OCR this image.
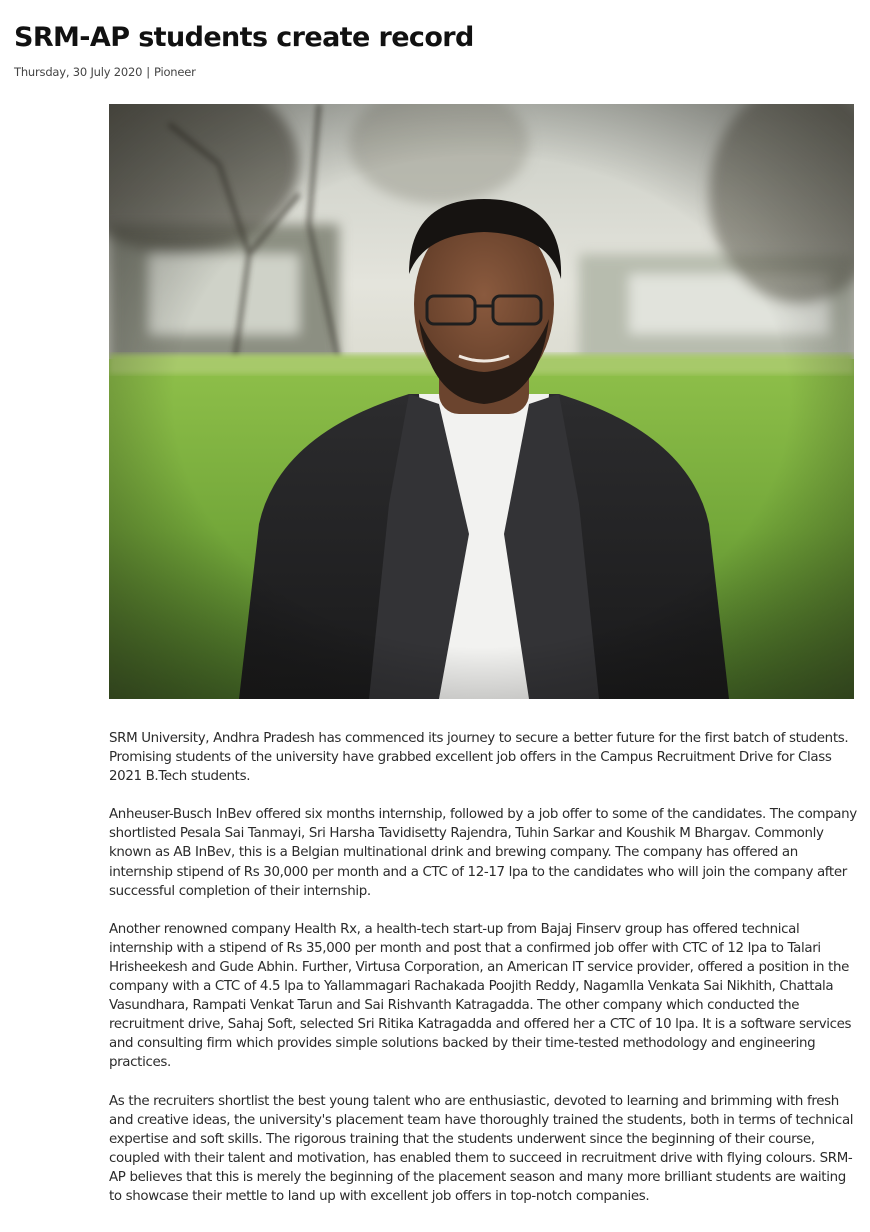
SRM-AP students create record
Thursday, 30 July 2020 | Pioneer

SRM University, Andhra Pradesh has commenced its journey to secure a better future for the first batch of students. Promising students of the university have grabbed excellent job offers in the Campus Recruitment Drive for Class 2021 B.Tech students.

Anheuser-Busch InBev offered six months internship, followed by a job offer to some of the candidates. The company shortlisted Pesala Sai Tanmayi, Sri Harsha Tavidisetty Rajendra, Tuhin Sarkar and Koushik M Bhargav. Commonly known as AB InBev, this is a Belgian multinational drink and brewing company. The company has offered an internship stipend of Rs 30,000 per month and a CTC of 12-17 lpa to the candidates who will join the company after successful completion of their internship.

Another renowned company Health Rx, a health-tech start-up from Bajaj Finserv group has offered technical internship with a stipend of Rs 35,000 per month and post that a confirmed job offer with CTC of 12 lpa to Talari Hrisheekesh and Gude Abhin. Further, Virtusa Corporation, an American IT service provider, offered a position in the company with a CTC of 4.5 lpa to Yallammagari Rachakada Poojith Reddy, Nagamlla Venkata Sai Nikhith, Chattala Vasundhara, Rampati Venkat Tarun and Sai Rishvanth Katragadda. The other company which conducted the recruitment drive, Sahaj Soft, selected Sri Ritika Katragadda and offered her a CTC of 10 lpa. It is a software services and consulting firm which provides simple solutions backed by their time-tested methodology and engineering practices.

As the recruiters shortlist the best young talent who are enthusiastic, devoted to learning and brimming with fresh and creative ideas, the university's placement team have thoroughly trained the students, both in terms of technical expertise and soft skills. The rigorous training that the students underwent since the beginning of their course, coupled with their talent and motivation, has enabled them to succeed in recruitment drive with flying colours. SRM-AP believes that this is merely the beginning of the placement season and many more brilliant students are waiting to showcase their mettle to land up with excellent job offers in top-notch companies.
